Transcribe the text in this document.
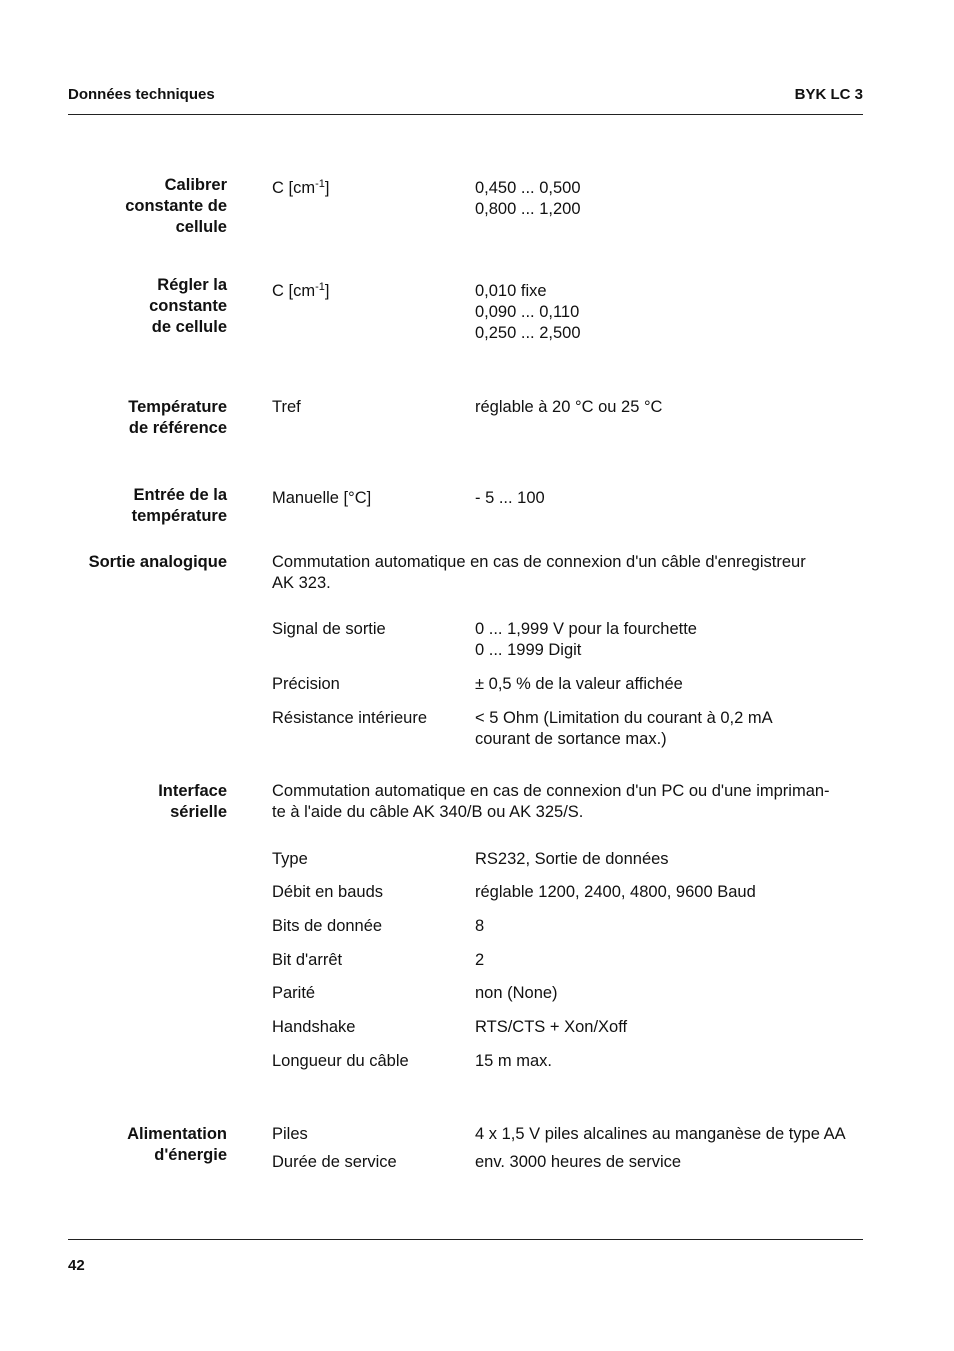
Données techniques	BYK LC 3
Calibrer
constante de
cellule
C $[cm^{-1}]$	0,450 ... 0,500
0,800 ... 1,200
Régler la
constante
de cellule
C $[cm^{-1}]$	0,010 fixe
0,090 ... 0,110
0,250 ... 2,500
Température
de référence
Tref	réglable à 20 °C ou 25 °C
Entrée de la
température
Manuelle [°C]	- 5 ... 100
Sortie analogique	Commutation automatique en cas de connexion d'un câble d'enregistreur
AK 323.
Signal de sortie	0 ... 1,999 V pour la fourchette
0 ... 1999 Digit
Précision	± 0,5 % de la valeur affichée
Résistance intérieure	< 5 Ohm (Limitation du courant à 0,2 mA
courant de sortance max.)
Interface
sérielle
Commutation automatique en cas de connexion d'un PC ou d'une impriman-
te à l'aide du câble AK 340/B ou AK 325/S.
Type	RS232, Sortie de données
Débit en bauds	réglable 1200, 2400, 4800, 9600 Baud
Bits de donnée	8
Bit d'arrêt	2
Parité	non (None)
Handshake	RTS/CTS + Xon/Xoff
Longueur du câble	15 m max.
Alimentation
d'énergie
Piles	4 x 1,5 V piles alcalines au manganèse de type AA
Durée de service	env. 3000 heures de service
42
